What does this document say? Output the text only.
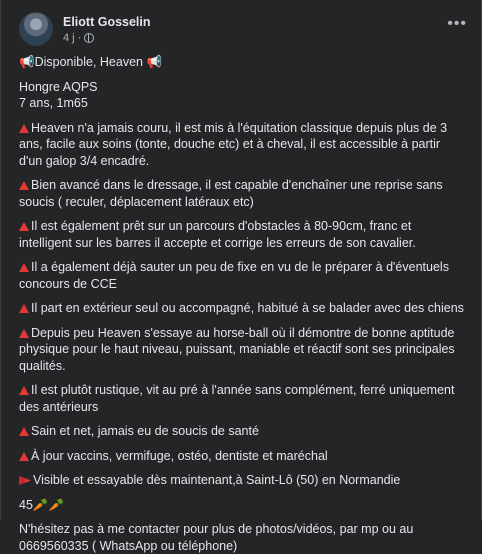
Eliott Gosselin
4 j ·
•••

📢Disponible, Heaven 📢

Hongre AQPS
7 ans, 1m65

Heaven n'a jamais couru, il est mis à l'équitation classique depuis plus de 3 ans, facile aux soins (tonte, douche etc) et à cheval, il est accessible à partir d'un galop 3/4 encadré.

Bien avancé dans le dressage, il est capable d'enchaîner une reprise sans soucis ( reculer, déplacement latéraux etc)

Il est également prêt sur un parcours d'obstacles à 80-90cm, franc et intelligent sur les barres il accepte et corrige les erreurs de son cavalier.

Il a également déjà sauter un peu de fixe en vu de le préparer à d'éventuels concours de CCE

Il part en extérieur seul ou accompagné, habitué à se balader avec des chiens

Depuis peu Heaven s'essaye au horse-ball où il démontre de bonne aptitude physique pour le haut niveau, puissant, maniable et réactif sont ses principales qualités.

Il est plutôt rustique, vit au pré à l'année sans complément, ferré uniquement des antérieurs

Sain et net, jamais eu de soucis de santé

À jour vaccins, vermifuge, ostéo, dentiste et maréchal

Visible et essayable dès maintenant,à Saint-Lô (50) en Normandie

45🥕🥕

N'hésitez pas à me contacter pour plus de photos/vidéos, par mp ou au 0669560335 ( WhatsApp ou téléphone)
